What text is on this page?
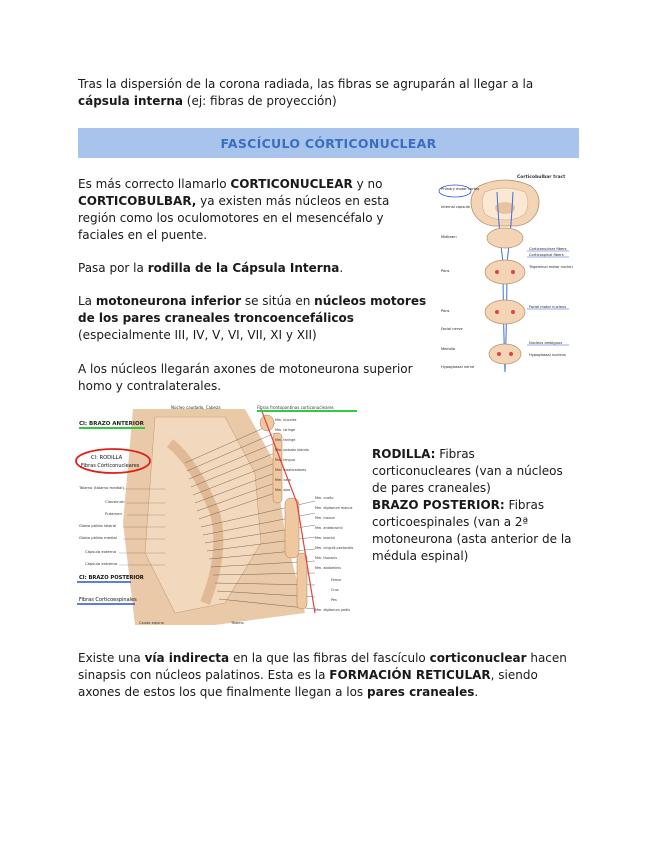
Tras la dispersión de la corona radiada, las fibras se agruparán al llegar a la cápsula interna (ej: fibras de proyección)
FASCÍCULO CÓRTICONUCLEAR
Es más correcto llamarlo CORTICONUCLEAR y no CORTICOBULBAR, ya existen más núcleos en esta región como los oculomotores en el mesencéfalo y faciales en el puente.
Pasa por la rodilla de la Cápsula Interna.
La motoneurona inferior se sitúa en núcleos motores de los pares craneales troncoencefálicos (especialmente III, IV, V, VI, VII, XI y XII)
A los núcleos llegarán axones de motoneurona superior homo y contralaterales.
Corticobulbar tract
Primary motor cortex
Internal capsule
Midbrain
Pons
Pons
Facial nerve
Medulla
Hypoglossal nerve
Corticonuclear fibers
Corticospinal fibers
Trigeminal motor nucleus
Facial motor nucleus
Nucleus ambiguus
Hypoglossal nucleus
Núcleo caudado, Cabeza	Fibras frontopontinas corticonucleares
Cl: BRAZO ANTERIOR
Cl: RODILLA
Fibras Córticonucleares
Tálamo (tálamo medial)
Claustrum
Putamen
Globo pálido lateral
Globo pálido medial
Cápsula externa
Cápsula extrema
Cl: BRAZO POSTERIOR
Fibras Corticoespinales
Mm. bucales
Mm. laringe
Mm. faringe
Mm. paladar blando
Mm. lengua
Mm. masticadores
Mm. cara
Mm. ojos
Mm. cuello
Mm. digitorum manus
Mm. manus
Mm. antebrachii
Mm. brachii
Mm. cingulli pectoralis
Mm. thoracis
Mm. abdominis
Femur
Crus
Pes
Mm. digitorum pedis
Cauda equina	Tálamo
RODILLA: Fibras corticonucleares (van a núcleos de pares craneales)
BRAZO POSTERIOR: Fibras corticoespinales (van a 2ª motoneurona (asta anterior de la médula espinal)
Existe una vía indirecta en la que las fibras del fascículo corticonuclear hacen sinapsis con núcleos palatinos. Esta es la FORMACIÓN RETICULAR, siendo axones de estos los que finalmente llegan a los pares craneales.
